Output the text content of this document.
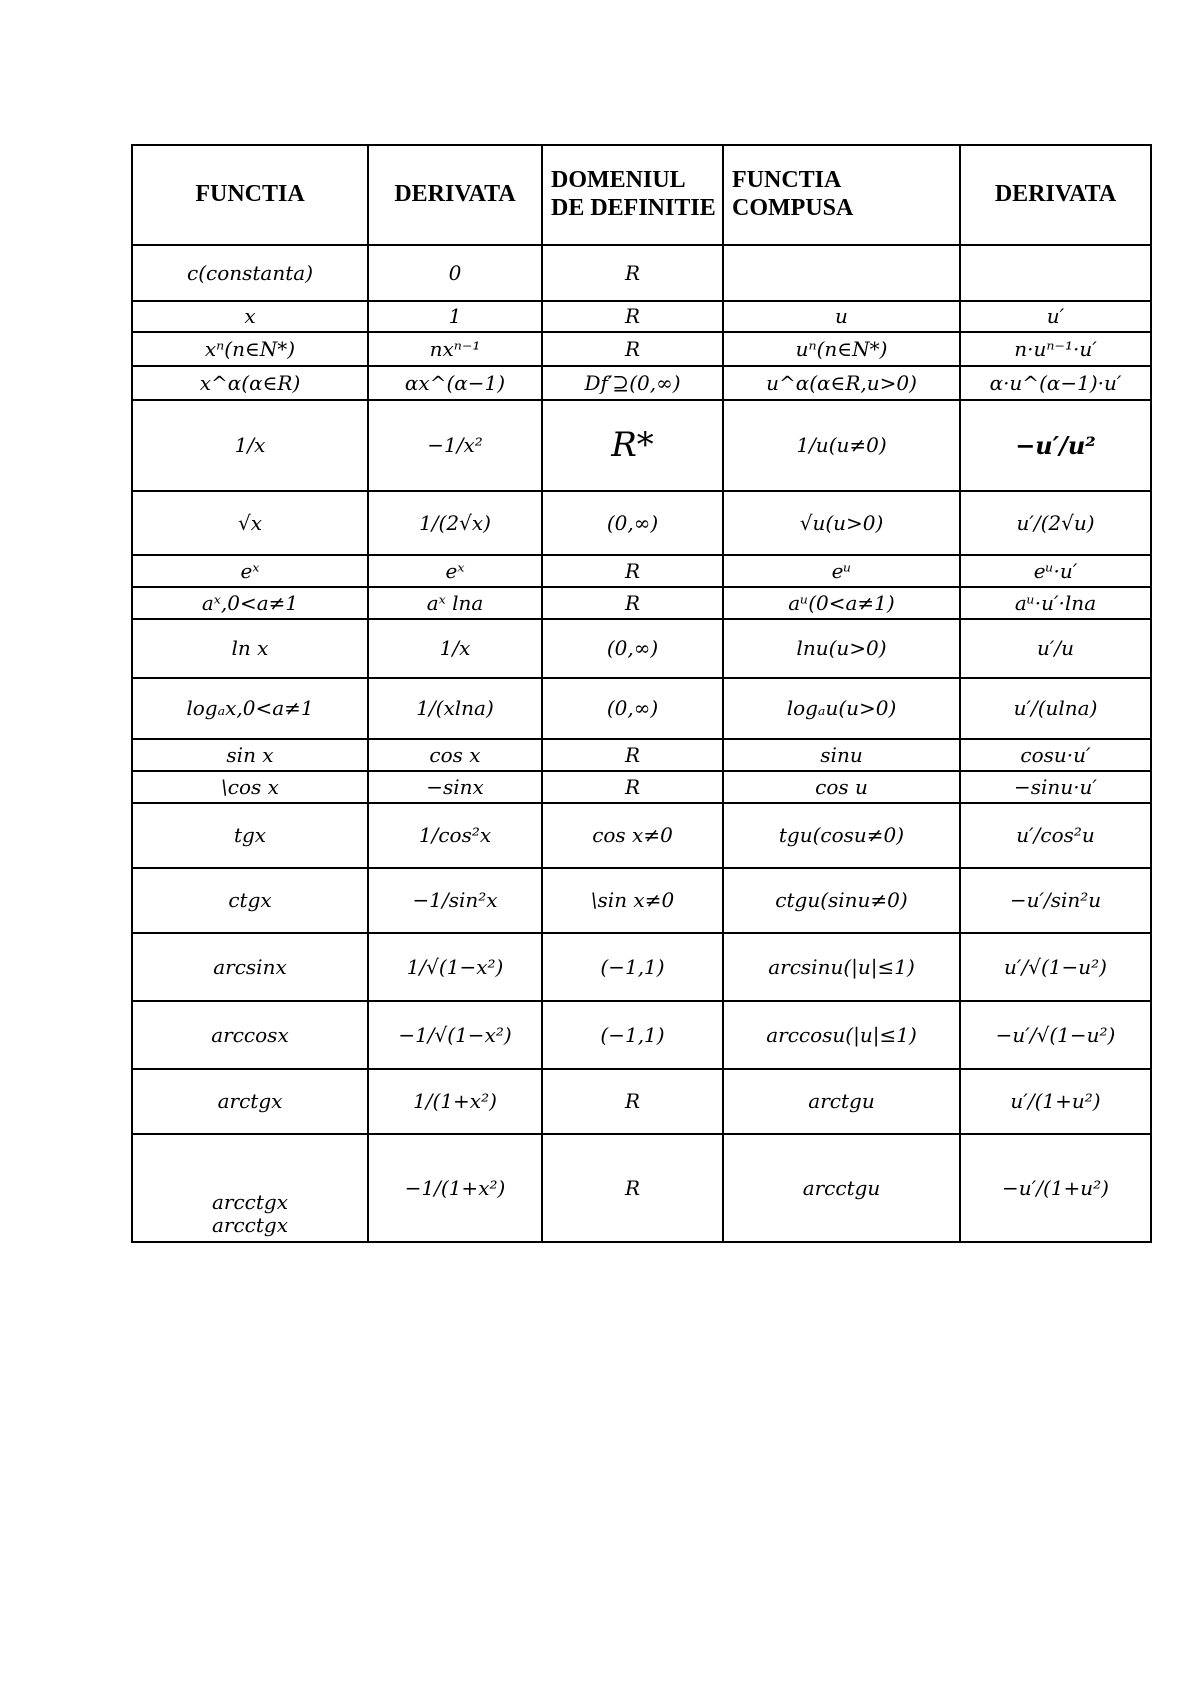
FUNCTIA	DERIVATA	DOMENIUL DE DEFINITIE	FUNCTIA COMPUSA	DERIVATA
c(constanta)	0	R		
x	1	R	u	u′
xⁿ(n∈N*)	nxⁿ⁻¹	R	uⁿ(n∈N*)	n·uⁿ⁻¹·u′
x^α(α∈R)	αx^(α−1)	Df′⊇(0,∞)	u^α(α∈R,u>0)	α·u^(α−1)·u′
1/x	−1/x²	R*	1/u(u≠0)	−u′/u²
√x	1/(2√x)	(0,∞)	√u(u>0)	u′/(2√u)
eˣ	eˣ	R	eᵘ	eᵘ·u′
aˣ,0<a≠1	aˣ lna	R	aᵘ(0<a≠1)	aᵘ·u′·lna
ln x	1/x	(0,∞)	lnu(u>0)	u′/u
logₐx,0<a≠1	1/(xlna)	(0,∞)	logₐu(u>0)	u′/(ulna)
sin x	cos x	R	sinu	cosu·u′
\cos x	−sinx	R	cos u	−sinu·u′
tgx	1/cos²x	cos x≠0	tgu(cosu≠0)	u′/cos²u
ctgx	−1/sin²x	\sin x≠0	ctgu(sinu≠0)	−u′/sin²u
arcsinx	1/√(1−x²)	(−1,1)	arcsinu(|u|≤1)	u′/√(1−u²)
arccosx	−1/√(1−x²)	(−1,1)	arccosu(|u|≤1)	−u′/√(1−u²)
arctgx	1/(1+x²)	R	arctgu	u′/(1+u²)

arcctgx
arcctgx	−1/(1+x²)	R	arcctgu	−u′/(1+u²)
